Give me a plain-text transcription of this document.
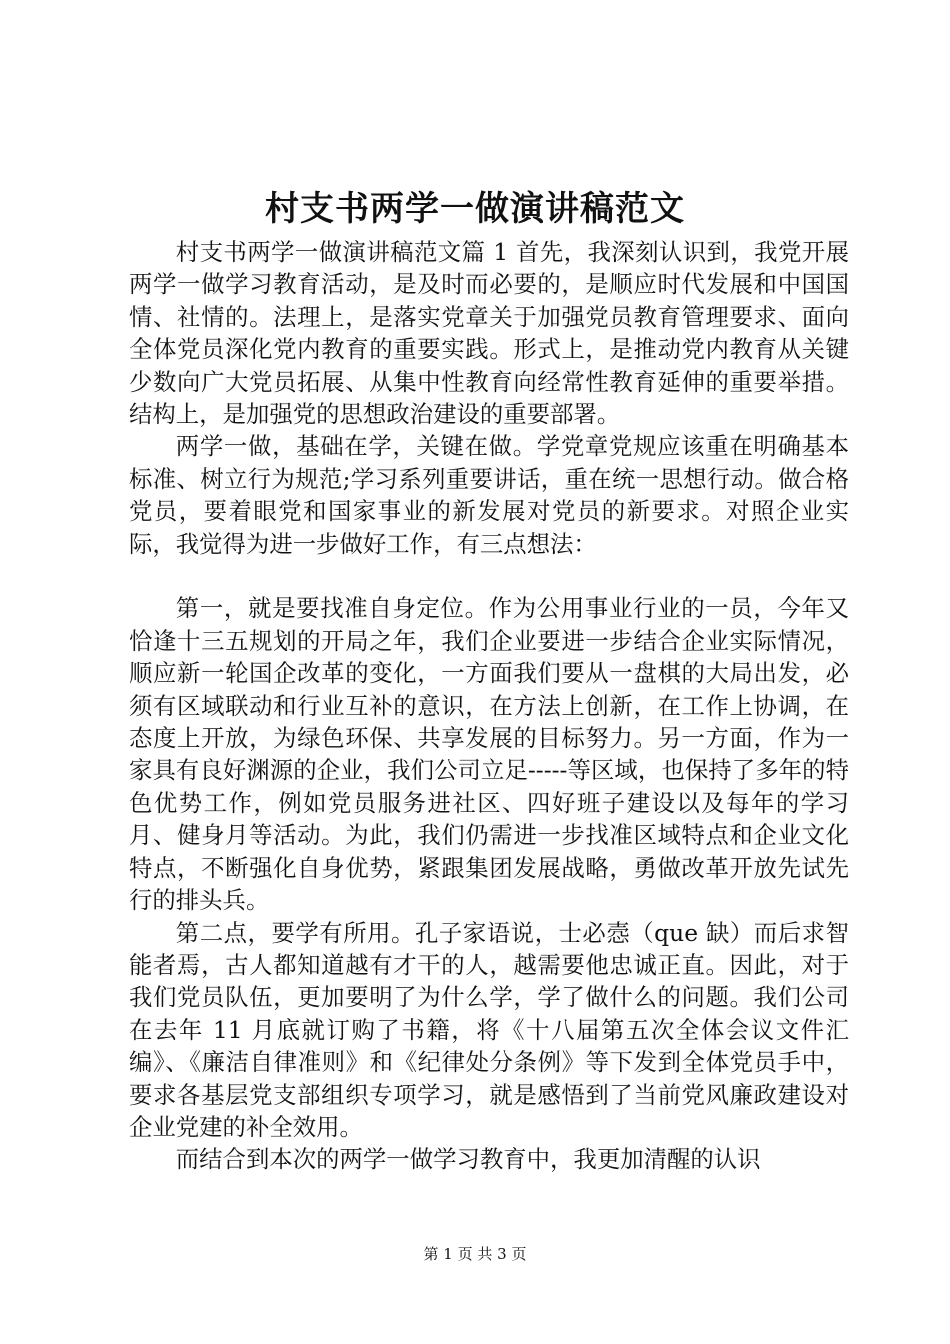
村支书两学一做演讲稿范文

村支书两学一做演讲稿范文篇 1 首先，我深刻认识到，我党开展两学一做学习教育活动，是及时而必要的，是顺应时代发展和中国国情、社情的。法理上，是落实党章关于加强党员教育管理要求、面向全体党员深化党内教育的重要实践。形式上，是推动党内教育从关键少数向广大党员拓展、从集中性教育向经常性教育延伸的重要举措。结构上，是加强党的思想政治建设的重要部署。

两学一做，基础在学，关键在做。学党章党规应该重在明确基本标准、树立行为规范;学习系列重要讲话，重在统一思想行动。做合格党员，要着眼党和国家事业的新发展对党员的新要求。对照企业实际，我觉得为进一步做好工作，有三点想法：

第一，就是要找准自身定位。作为公用事业行业的一员，今年又恰逢十三五规划的开局之年，我们企业要进一步结合企业实际情况，顺应新一轮国企改革的变化，一方面我们要从一盘棋的大局出发，必须有区域联动和行业互补的意识，在方法上创新，在工作上协调，在态度上开放，为绿色环保、共享发展的目标努力。另一方面，作为一家具有良好渊源的企业，我们公司立足-----等区域，也保持了多年的特色优势工作，例如党员服务进社区、四好班子建设以及每年的学习月、健身月等活动。为此，我们仍需进一步找准区域特点和企业文化特点，不断强化自身优势，紧跟集团发展战略，勇做改革开放先试先行的排头兵。

第二点，要学有所用。孔子家语说，士必悫（que 缺）而后求智能者焉，古人都知道越有才干的人，越需要他忠诚正直。因此，对于我们党员队伍，更加要明了为什么学，学了做什么的问题。我们公司在去年 11 月底就订购了书籍，将《十八届第五次全体会议文件汇编》、《廉洁自律准则》和《纪律处分条例》等下发到全体党员手中，要求各基层党支部组织专项学习，就是感悟到了当前党风廉政建设对企业党建的补全效用。

而结合到本次的两学一做学习教育中，我更加清醒的认识

第 1 页 共 3 页
